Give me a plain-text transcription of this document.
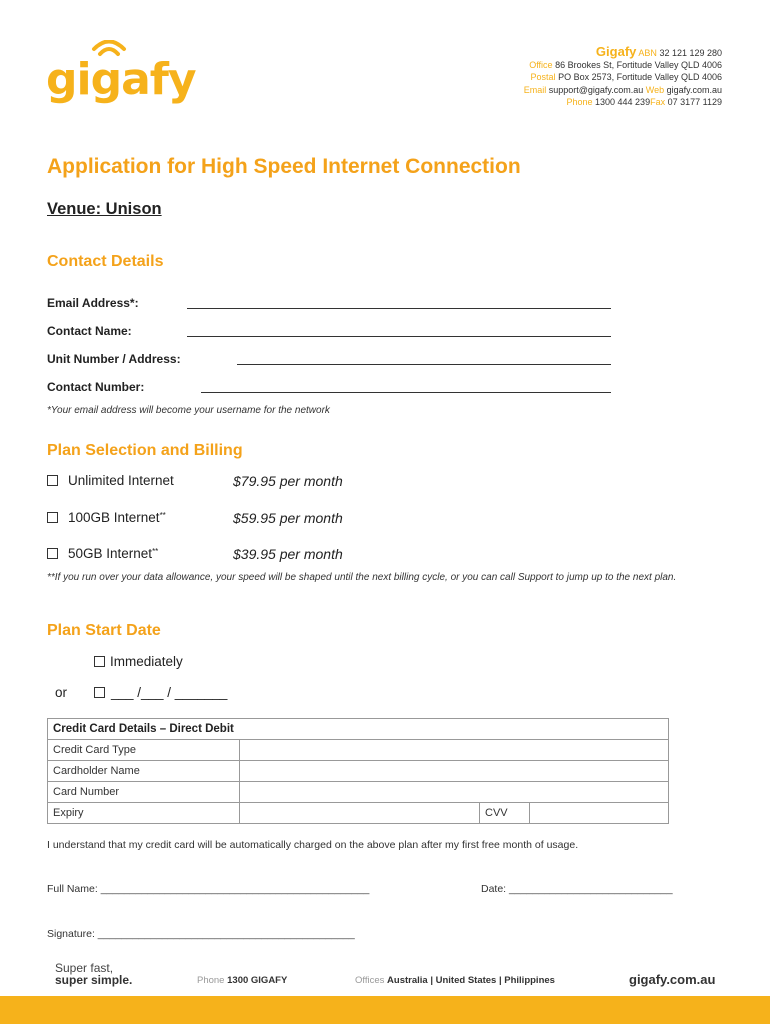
gigafy
Gigafy ABN 32 121 129 280
Office 86 Brookes St, Fortitude Valley QLD 4006
Postal PO Box 2573, Fortitude Valley QLD 4006
Email support@gigafy.com.au Web gigafy.com.au
Phone 1300 444 239Fax 07 3177 1129
Application for High Speed Internet Connection
Venue: Unison
Contact Details
Email Address*:
Contact Name:
Unit Number / Address:
Contact Number:
*Your email address will become your username for the network
Plan Selection and Billing
Unlimited Internet	$79.95 per month
100GB Internet**	$59.95 per month
50GB Internet**	$39.95 per month
**If you run over your data allowance, your speed will be shaped until the next billing cycle, or you can call Support to jump up to the next plan.
Plan Start Date
Immediately
or	___ /___ / _______
Credit Card Details – Direct Debit			
Credit Card Type			
Cardholder Name			
Card Number			
Expiry		CVV	
I understand that my credit card will be automatically charged on the above plan after my first free month of usage.
Full Name: ______________________________________________	Date: ____________________________
Signature: ____________________________________________
Super fast,
super simple.	Phone 1300 GIGAFY	Offices Australia | United States | Philippines	gigafy.com.au
